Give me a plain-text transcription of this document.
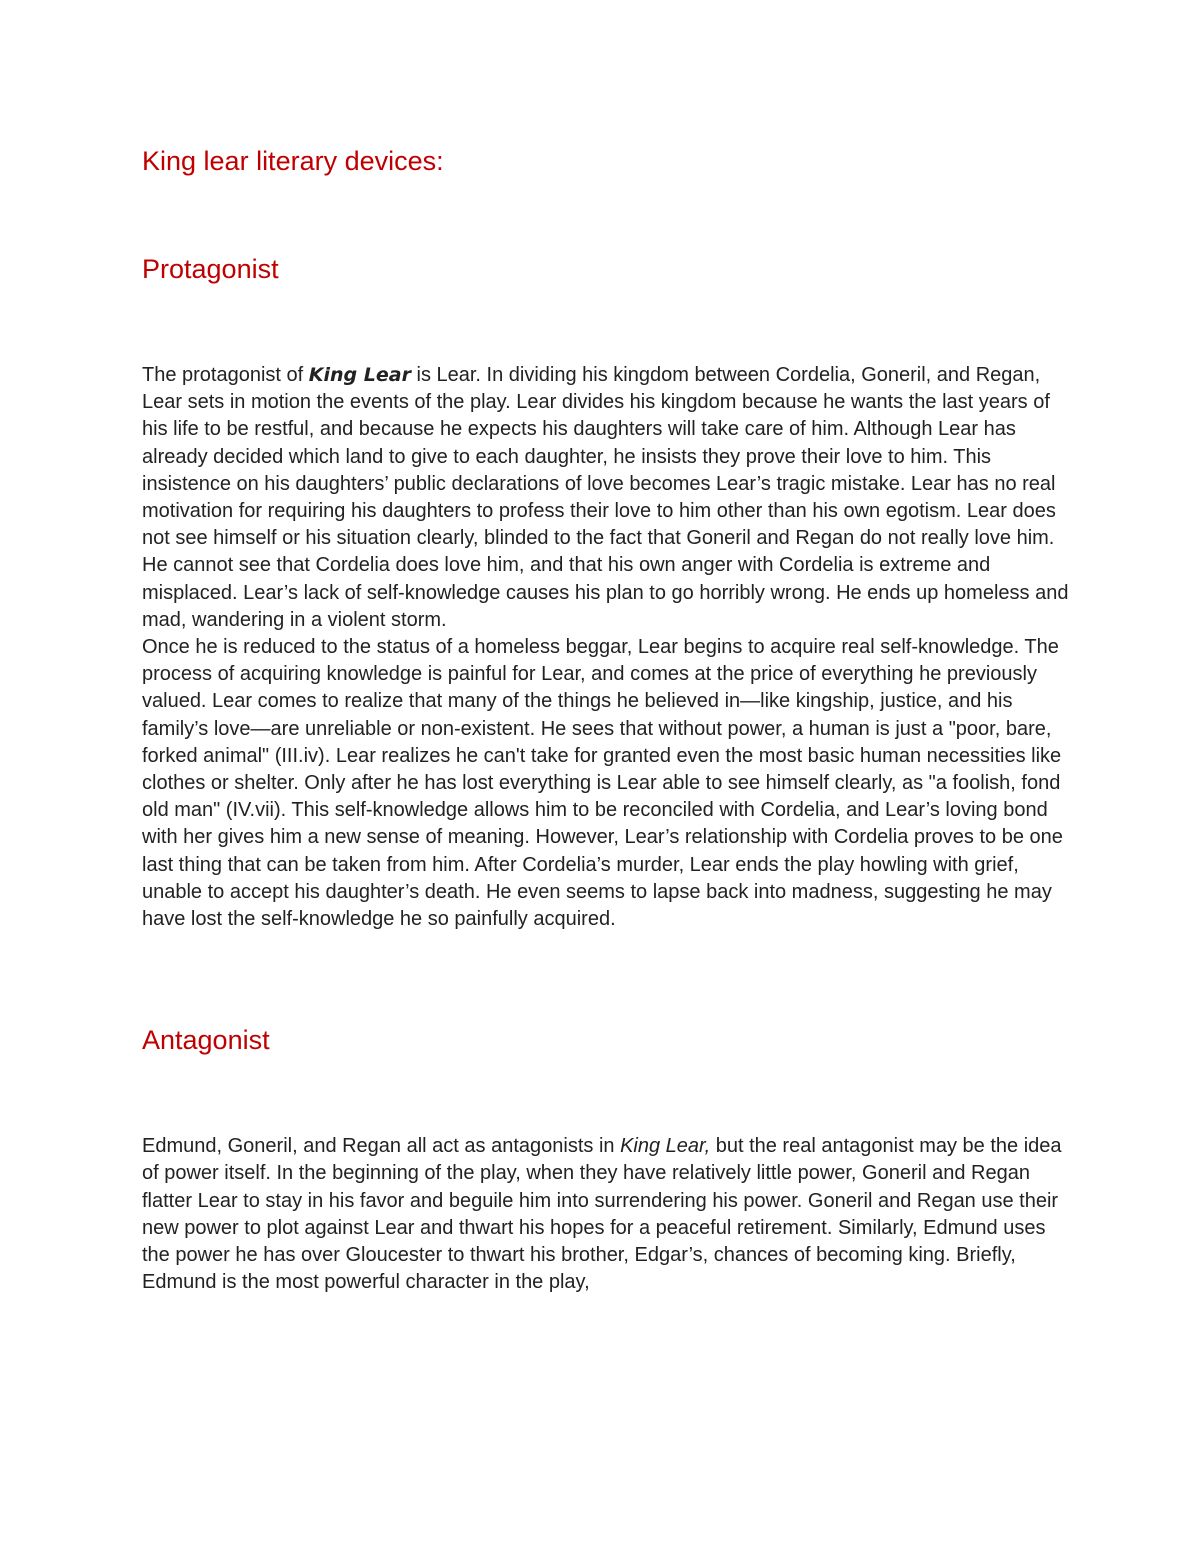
King lear literary devices:
Protagonist

The protagonist of King Lear is Lear. In dividing his kingdom between Cordelia, Goneril, and Regan, Lear sets in motion the events of the play. Lear divides his kingdom because he wants the last years of his life to be restful, and because he expects his daughters will take care of him. Although Lear has already decided which land to give to each daughter, he insists they prove their love to him. This insistence on his daughters’ public declarations of love becomes Lear’s tragic mistake. Lear has no real motivation for requiring his daughters to profess their love to him other than his own egotism. Lear does not see himself or his situation clearly, blinded to the fact that Goneril and Regan do not really love him. He cannot see that Cordelia does love him, and that his own anger with Cordelia is extreme and misplaced. Lear’s lack of self-knowledge causes his plan to go horribly wrong. He ends up homeless and mad, wandering in a violent storm.

Once he is reduced to the status of a homeless beggar, Lear begins to acquire real self-knowledge. The process of acquiring knowledge is painful for Lear, and comes at the price of everything he previously valued. Lear comes to realize that many of the things he believed in—like kingship, justice, and his family’s love—are unreliable or non-existent. He sees that without power, a human is just a "poor, bare, forked animal" (III.iv). Lear realizes he can't take for granted even the most basic human necessities like clothes or shelter. Only after he has lost everything is Lear able to see himself clearly, as "a foolish, fond old man" (IV.vii). This self-knowledge allows him to be reconciled with Cordelia, and Lear’s loving bond with her gives him a new sense of meaning. However, Lear’s relationship with Cordelia proves to be one last thing that can be taken from him. After Cordelia’s murder, Lear ends the play howling with grief, unable to accept his daughter’s death. He even seems to lapse back into madness, suggesting he may have lost the self-knowledge he so painfully acquired.

Antagonist

Edmund, Goneril, and Regan all act as antagonists in King Lear, but the real antagonist may be the idea of power itself. In the beginning of the play, when they have relatively little power, Goneril and Regan flatter Lear to stay in his favor and beguile him into surrendering his power. Goneril and Regan use their new power to plot against Lear and thwart his hopes for a peaceful retirement. Similarly, Edmund uses the power he has over Gloucester to thwart his brother, Edgar’s, chances of becoming king. Briefly, Edmund is the most powerful character in the play,
